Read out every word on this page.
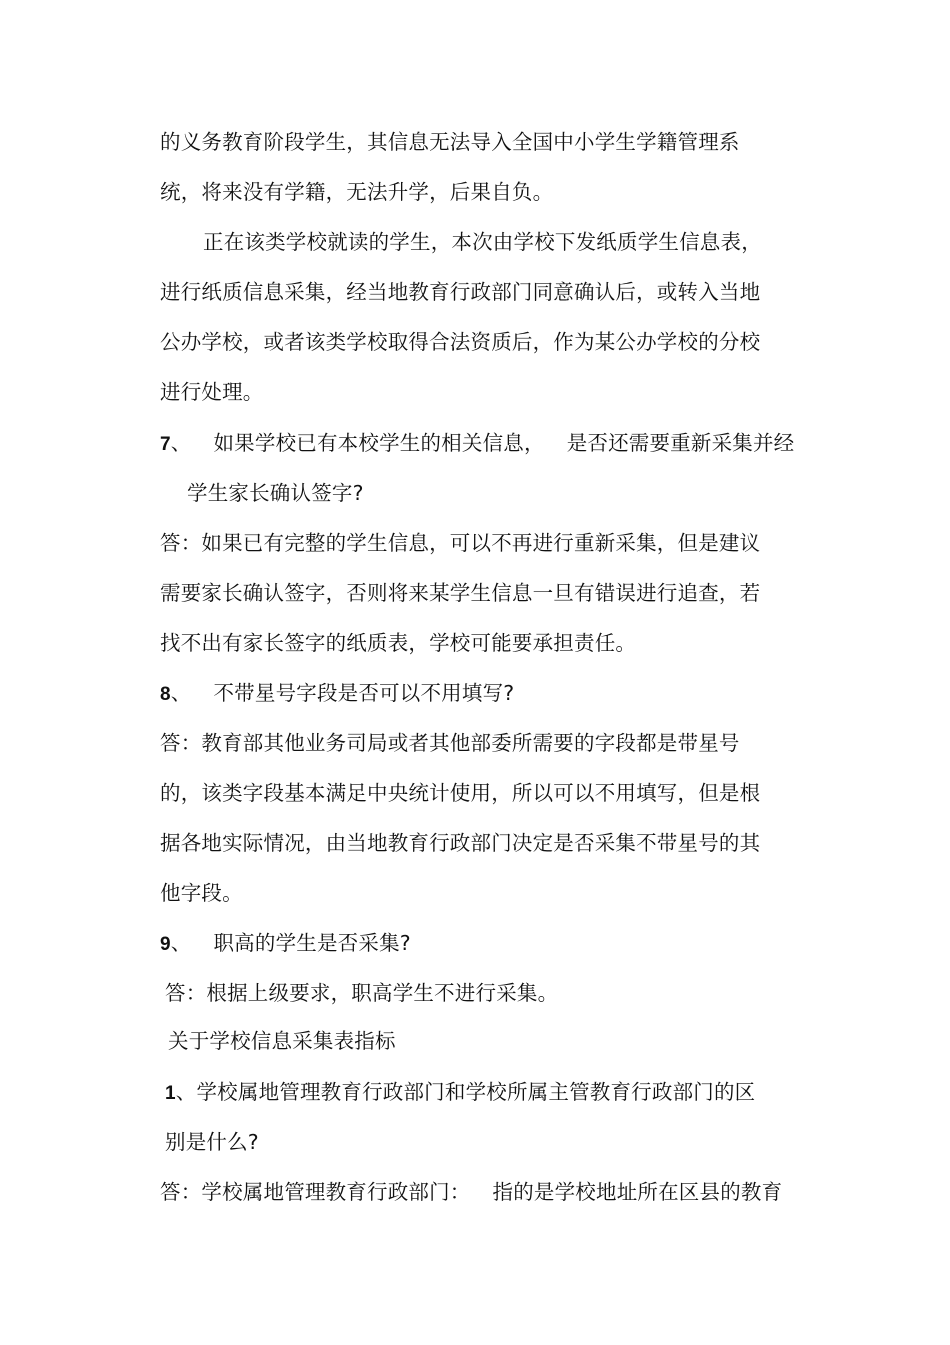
的义务教育阶段学生，其信息无法导入全国中小学生学籍管理系
统，将来没有学籍，无法升学，后果自负。
正在该类学校就读的学生，本次由学校下发纸质学生信息表，
进行纸质信息采集，经当地教育行政部门同意确认后，或转入当地
公办学校，或者该类学校取得合法资质后，作为某公办学校的分校
进行处理。
7、 如果学校已有本校学生的相关信息， 是否还需要重新采集并经
学生家长确认签字?
答：如果已有完整的学生信息，可以不再进行重新采集，但是建议
需要家长确认签字，否则将来某学生信息一旦有错误进行追查，若
找不出有家长签字的纸质表，学校可能要承担责任。
8、 不带星号字段是否可以不用填写?
答：教育部其他业务司局或者其他部委所需要的字段都是带星号
的，该类字段基本满足中央统计使用，所以可以不用填写，但是根
据各地实际情况，由当地教育行政部门决定是否采集不带星号的其
他字段。
9、 职高的学生是否采集?
答：根据上级要求，职高学生不进行采集。
关于学校信息采集表指标
1、学校属地管理教育行政部门和学校所属主管教育行政部门的区
别是什么?
答：学校属地管理教育行政部门： 指的是学校地址所在区县的教育
